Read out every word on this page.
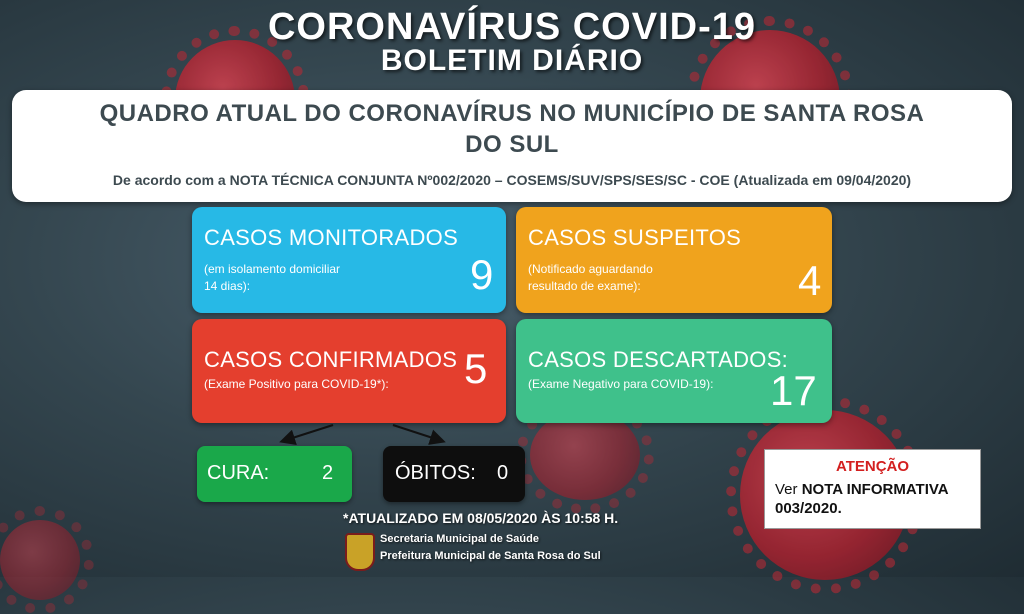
CORONAVÍRUS COVID-19
BOLETIM DIÁRIO
QUADRO ATUAL DO CORONAVÍRUS NO MUNICÍPIO DE SANTA ROSA
DO SUL
De acordo com a NOTA TÉCNICA CONJUNTA Nº002/2020 – COSEMS/SUV/SPS/SES/SC - COE (Atualizada em 09/04/2020)
CASOS MONITORADOS
(em isolamento domiciliar
14 dias):	9
CASOS SUSPEITOS
(Notificado aguardando
resultado de exame):	4
CASOS CONFIRMADOS
(Exame Positivo para COVID-19*): 5 CASOS DESCARTADOS:
(Exame Negativo para COVID-19): 17
CURA:	2	ÓBITOS: 0	ATENÇÃO
Ver NOTA INFORMATIVA
003/2020.
*ATUALIZADO EM 08/05/2020 ÀS 10:58 H.
Secretaria Municipal de Saúde
Prefeitura Municipal de Santa Rosa do Sul
